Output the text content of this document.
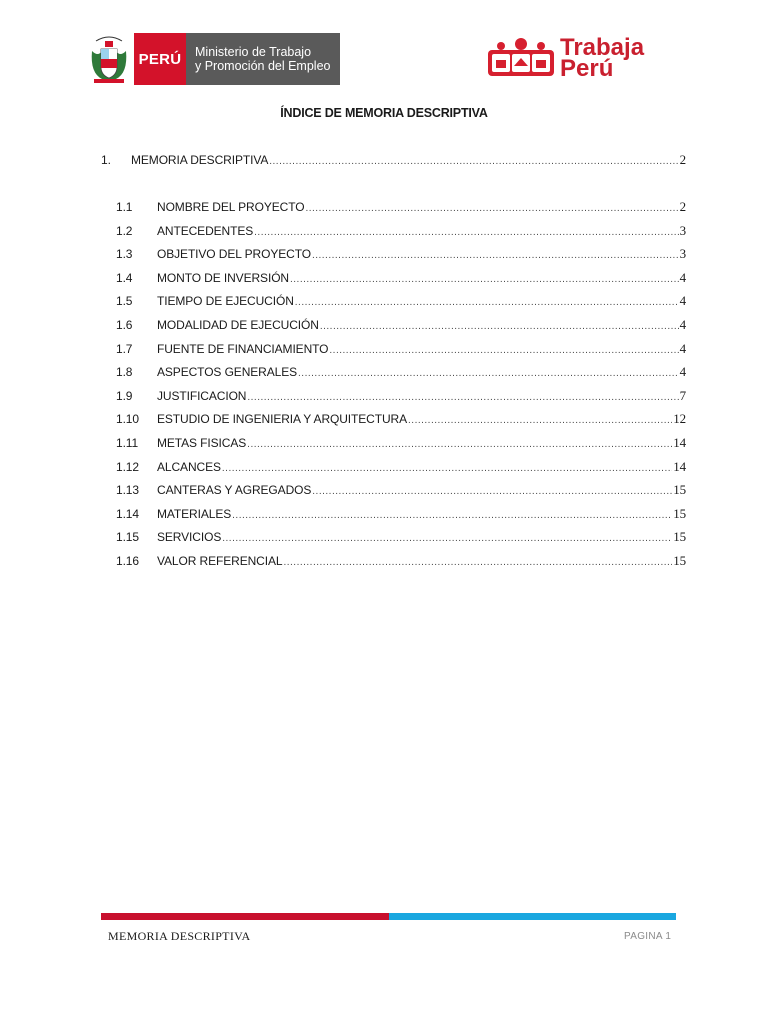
PERÚ	Ministerio de Trabajo
y Promoción del Empleo
Trabaja
Perú
ÍNDICE DE MEMORIA DESCRIPTIVA
1.	MEMORIA DESCRIPTIVA .....	2
1.1	NOMBRE DEL PROYECTO .....	2
1.2	ANTECEDENTES .....	3
1.3	OBJETIVO DEL PROYECTO .....	3
1.4	MONTO DE INVERSIÓN .....	4
1.5	TIEMPO DE EJECUCIÓN .....	4
1.6	MODALIDAD DE EJECUCIÓN .....	4
1.7	FUENTE DE FINANCIAMIENTO .....	4
1.8	ASPECTOS GENERALES .....	4
1.9	JUSTIFICACION .....	7
1.10	ESTUDIO DE INGENIERIA Y ARQUITECTURA .....	12
1.11	METAS FISICAS .....	14
1.12	ALCANCES .....	14
1.13	CANTERAS Y AGREGADOS .....	15
1.14	MATERIALES .....	15
1.15	SERVICIOS .....	15
1.16	VALOR REFERENCIAL .....	15
MEMORIA DESCRIPTIVA	PAGINA 1
